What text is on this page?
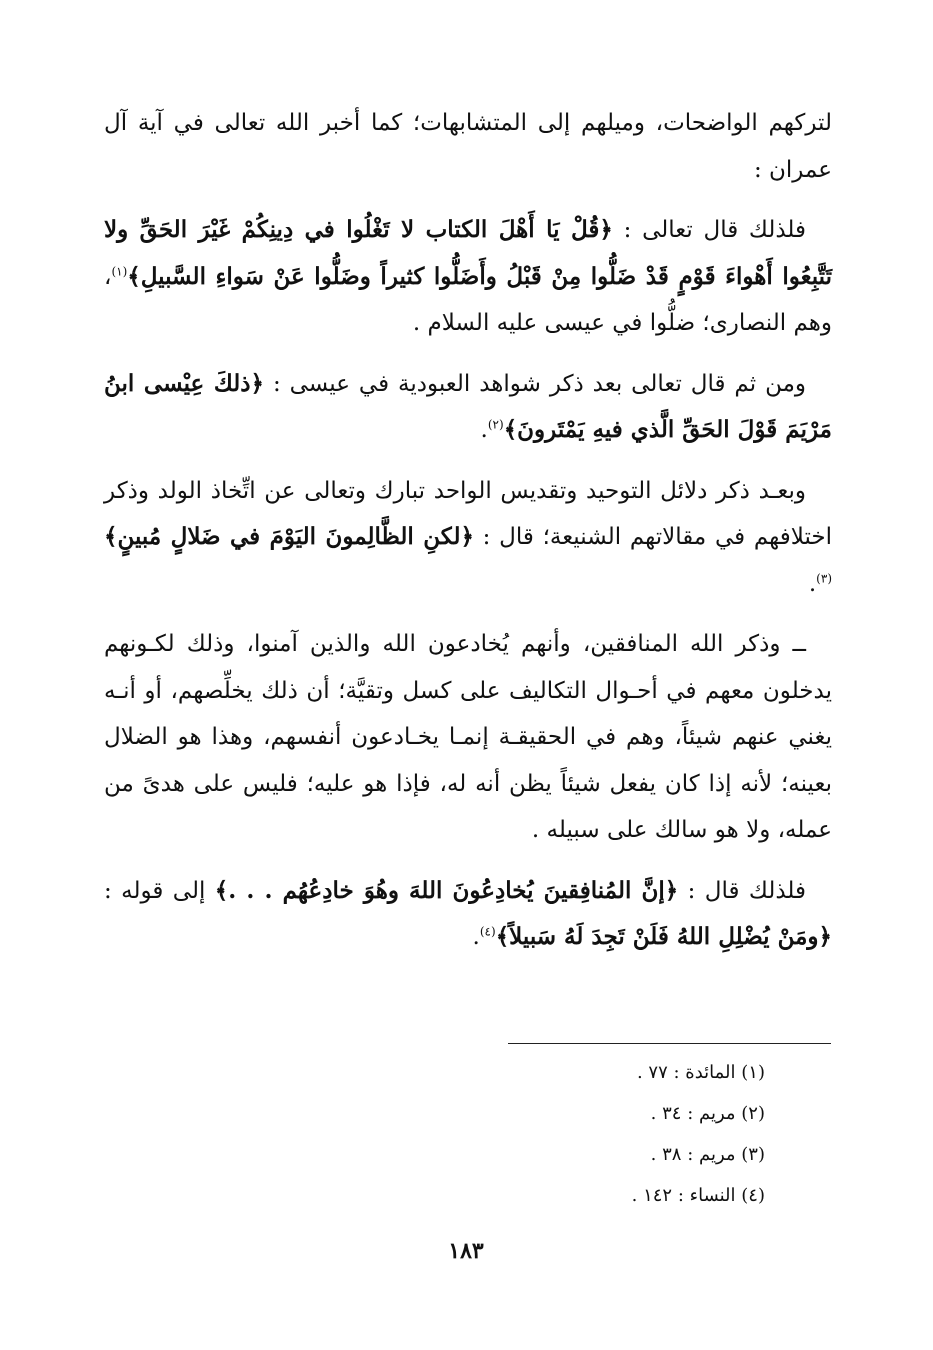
لتركهم الواضحات، وميلهم إلى المتشابهات؛ كما أخبر الله تعالى في آية آل عمران :

فلذلك قال تعالى : ﴿قُلْ يَا أَهْلَ الكتاب لا تَغْلُوا في دِينِكُمْ غَيْرَ الحَقِّ ولا تَتَّبِعُوا أَهْواءَ قَوْمٍ قَدْ ضَلُّوا مِنْ قَبْلُ وأَضَلُّوا كثيراً وضَلُّوا عَنْ سَواءِ السَّبيلِ﴾$^{(١)}$، وهم النصارى؛ ضلُّوا في عيسى عليه السلام .

ومن ثم قال تعالى بعد ذكر شواهد العبودية في عيسى : ﴿ذلكَ عِيْسى ابنُ مَرْيَمَ قَوْلَ الحَقِّ الَّذي فيهِ يَمْتَرونَ﴾$^{(٢)}$.

وبعـد ذكر دلائل التوحيد وتقديس الواحد تبارك وتعالى عن اتِّخاذ الولد وذكر اختلافهم في مقالاتهم الشنيعة؛ قال : ﴿لكنِ الظَّالِمونَ اليَوْمَ في ضَلالٍ مُبينٍ﴾$^{(٣)}$.

ــ وذكر الله المنافقين، وأنهم يُخادعون الله والذين آمنوا، وذلك لكـونهم يدخلون معهم في أحـوال التكاليف على كسل وتقيَّة؛ أن ذلك يخلِّصهم، أو أنـه يغني عنهم شيئاً، وهم في الحقيقـة إنمـا يخـادعون أنفسهم، وهذا هو الضلال بعينه؛ لأنه إذا كان يفعل شيئاً يظن أنه له، فإذا هو عليه؛ فليس على هدىً من عمله، ولا هو سالك على سبيله .

فلذلك قال : ﴿إنَّ المُنافِقينَ يُخادِعُونَ اللهَ وهُوَ خادِعُهُم . . .﴾ إلى قوله : ﴿ومَنْ يُضْلِلِ اللهُ فَلَنْ تَجِدَ لَهُ سَبيلاً﴾$^{(٤)}$.

(١) المائدة : ٧٧ .
(٢) مريم : ٣٤ .
(٣) مريم : ٣٨ .
(٤) النساء : ١٤٢ .
١٨٣
